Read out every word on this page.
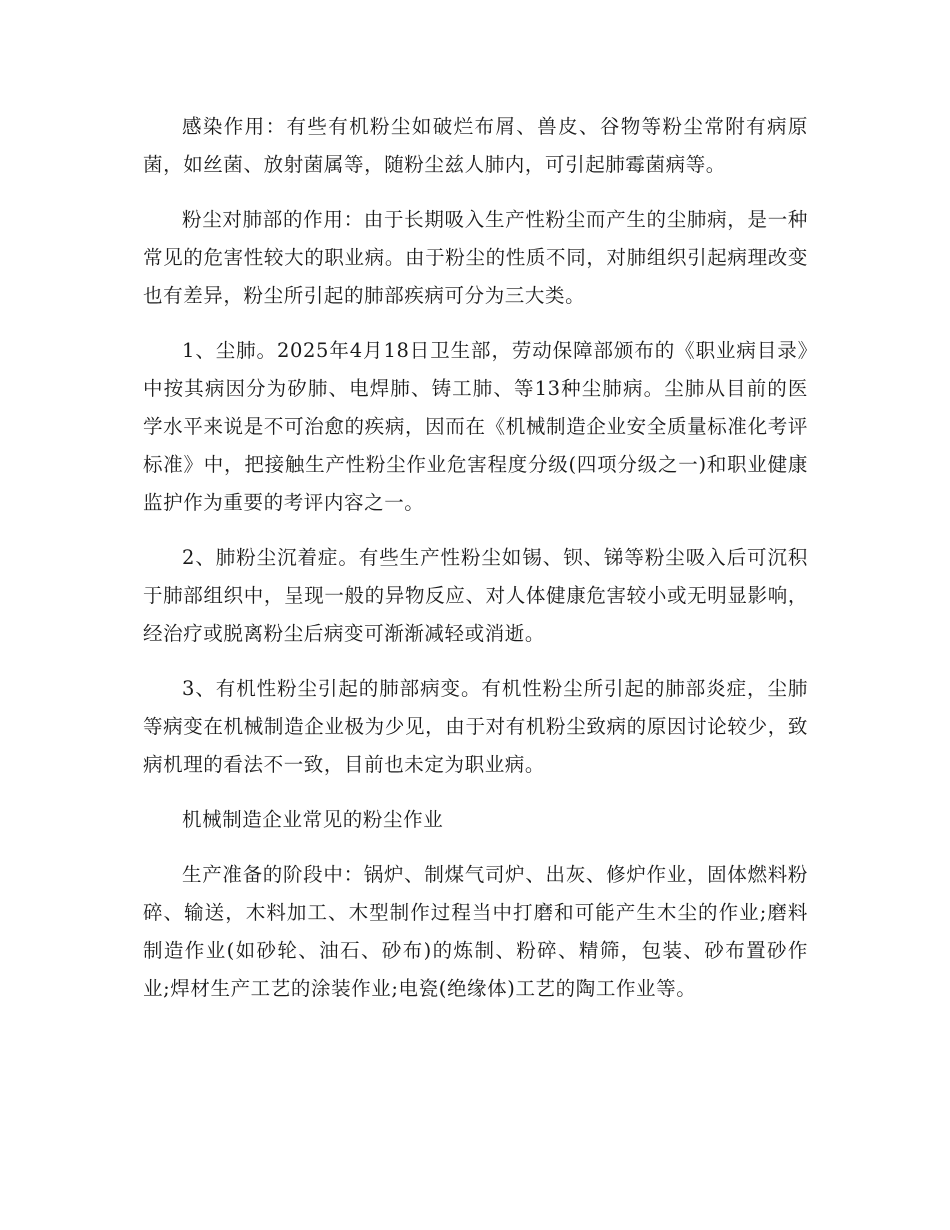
感染作用：有些有机粉尘如破烂布屑、兽皮、谷物等粉尘常附有病原菌，如丝菌、放射菌属等，随粉尘兹人肺内，可引起肺霉菌病等。

粉尘对肺部的作用：由于长期吸入生产性粉尘而产生的尘肺病，是一种常见的危害性较大的职业病。由于粉尘的性质不同，对肺组织引起病理改变也有差异，粉尘所引起的肺部疾病可分为三大类。

1、尘肺。2025年4月18日卫生部，劳动保障部颁布的《职业病目录》中按其病因分为矽肺、电焊肺、铸工肺、等13种尘肺病。尘肺从目前的医学水平来说是不可治愈的疾病，因而在《机械制造企业安全质量标准化考评标准》中，把接触生产性粉尘作业危害程度分级(四项分级之一)和职业健康监护作为重要的考评内容之一。

2、肺粉尘沉着症。有些生产性粉尘如锡、钡、锑等粉尘吸入后可沉积于肺部组织中，呈现一般的异物反应、对人体健康危害较小或无明显影响，经治疗或脱离粉尘后病变可渐渐减轻或消逝。

3、有机性粉尘引起的肺部病变。有机性粉尘所引起的肺部炎症，尘肺等病变在机械制造企业极为少见，由于对有机粉尘致病的原因讨论较少，致病机理的看法不一致，目前也未定为职业病。

机械制造企业常见的粉尘作业

生产准备的阶段中：锅炉、制煤气司炉、出灰、修炉作业，固体燃料粉碎、输送，木料加工、木型制作过程当中打磨和可能产生木尘的作业;磨料制造作业(如砂轮、油石、砂布)的炼制、粉碎、精筛，包装、砂布置砂作业;焊材生产工艺的涂装作业;电瓷(绝缘体)工艺的陶工作业等。
